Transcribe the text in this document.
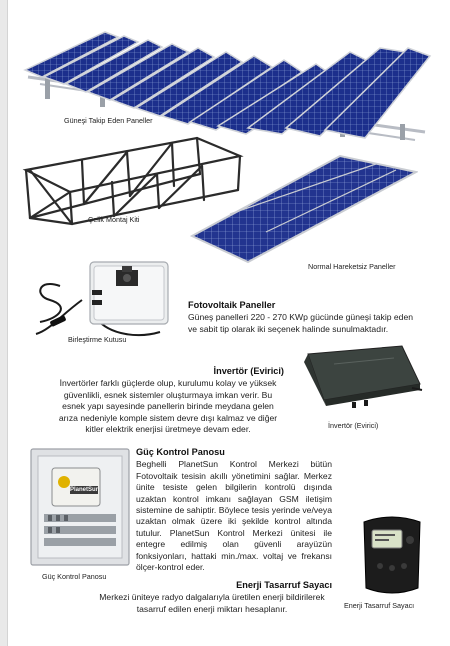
Güneşi Takip Eden Paneller
Çelik Montaj Kiti
Normal Hareketsiz Paneller
Birleştirme Kutusu
Fotovoltaik Paneller

Güneş panelleri 220 - 270 KWp gücünde güneşi takip eden ve sabit tip olarak iki seçenek halinde sunulmaktadır.

İnvertör (Evirici)

İnvertörler farklı güçlerde olup, kurulumu kolay ve yüksek güvenlikli, esnek sistemler oluşturmaya imkan verir. Bu esnek yapı sayesinde panellerin birinde meydana gelen arıza nedeniyle komple sistem devre dışı kalmaz ve diğer kitler elektrik enerjisi üretmeye devam eder.	İnvertör (Evirici)
PlanetSun
Güç Kontrol Panosu
Güç Kontrol Panosu

Beghelli PlanetSun Kontrol Merkezi bütün Fotovoltaik tesisin akıllı yönetimini sağlar. Merkez ünite tesiste gelen bilgilerin kontrolü dışında uzaktan kontrol imkanı sağlayan GSM iletişim sistemine de sahiptir. Böylece tesis yerinde ve/veya uzaktan olmak üzere iki şekilde kontrol altında tutulur. PlanetSun Kontrol Merkezi ünitesi ile entegre edilmiş olan güvenli arayüzün fonksiyonları, hattaki min./max. voltaj ve frekansı ölçer-kontrol eder.

Enerji Tasarruf Sayacı
Enerji Tasarruf Sayacı

Merkezi üniteye radyo dalgalarıyla üretilen enerji bildirilerek tasarruf edilen enerji miktarı hesaplanır.
